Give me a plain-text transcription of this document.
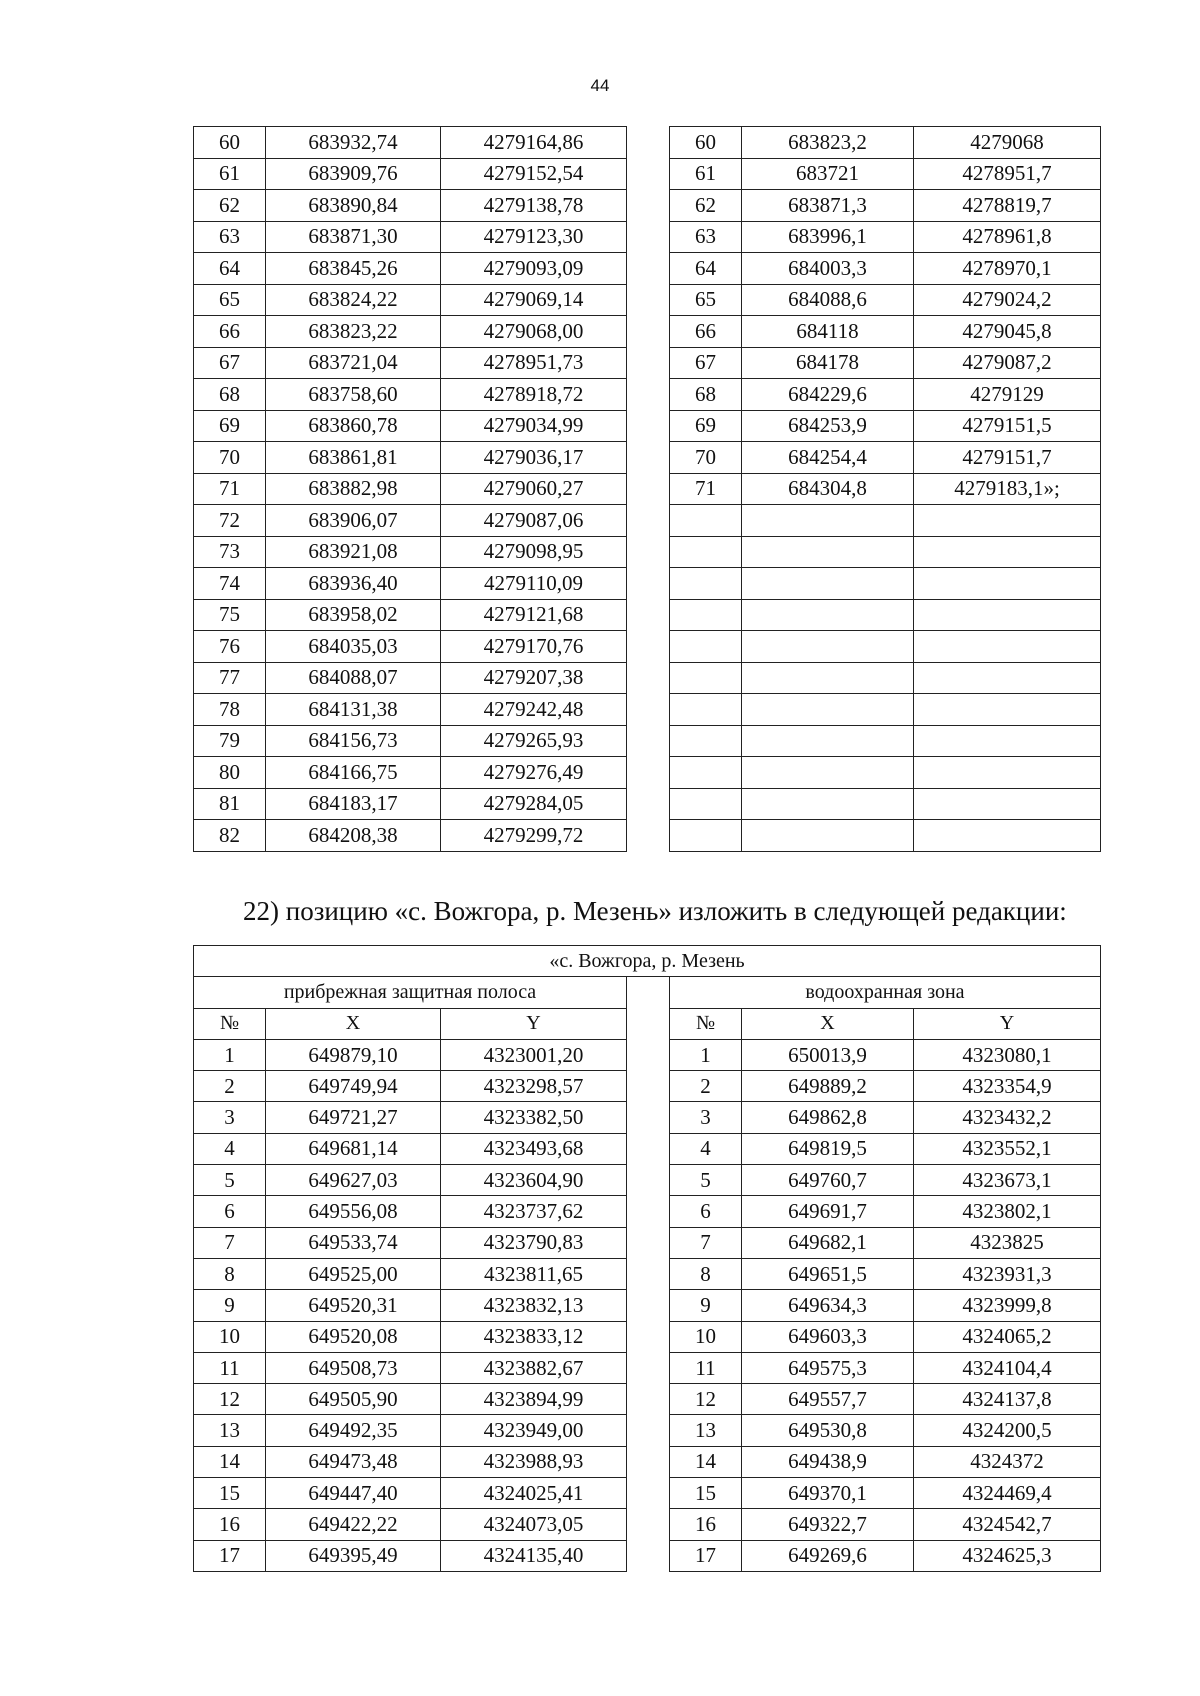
44
60	683932,74	4279164,86		60	683823,2	4279068
61	683909,76	4279152,54		61	683721	4278951,7
62	683890,84	4279138,78		62	683871,3	4278819,7
63	683871,30	4279123,30		63	683996,1	4278961,8
64	683845,26	4279093,09		64	684003,3	4278970,1
65	683824,22	4279069,14		65	684088,6	4279024,2
66	683823,22	4279068,00		66	684118	4279045,8
67	683721,04	4278951,73		67	684178	4279087,2
68	683758,60	4278918,72		68	684229,6	4279129
69	683860,78	4279034,99		69	684253,9	4279151,5
70	683861,81	4279036,17		70	684254,4	4279151,7
71	683882,98	4279060,27		71	684304,8	4279183,1»;
72	683906,07	4279087,06				
73	683921,08	4279098,95				
74	683936,40	4279110,09				
75	683958,02	4279121,68				
76	684035,03	4279170,76				
77	684088,07	4279207,38				
78	684131,38	4279242,48				
79	684156,73	4279265,93				
80	684166,75	4279276,49				
81	684183,17	4279284,05				
82	684208,38	4279299,72				
22) позицию «с. Вожгора, р. Мезень» изложить в следующей редакции:
«с. Вожгора, р. Мезень						
прибрежная защитная полоса				водоохранная зона		
№	X	Y		№	X	Y
1	649879,10	4323001,20		1	650013,9	4323080,1
2	649749,94	4323298,57		2	649889,2	4323354,9
3	649721,27	4323382,50		3	649862,8	4323432,2
4	649681,14	4323493,68		4	649819,5	4323552,1
5	649627,03	4323604,90		5	649760,7	4323673,1
6	649556,08	4323737,62		6	649691,7	4323802,1
7	649533,74	4323790,83		7	649682,1	4323825
8	649525,00	4323811,65		8	649651,5	4323931,3
9	649520,31	4323832,13		9	649634,3	4323999,8
10	649520,08	4323833,12		10	649603,3	4324065,2
11	649508,73	4323882,67		11	649575,3	4324104,4
12	649505,90	4323894,99		12	649557,7	4324137,8
13	649492,35	4323949,00		13	649530,8	4324200,5
14	649473,48	4323988,93		14	649438,9	4324372
15	649447,40	4324025,41		15	649370,1	4324469,4
16	649422,22	4324073,05		16	649322,7	4324542,7
17	649395,49	4324135,40		17	649269,6	4324625,3
